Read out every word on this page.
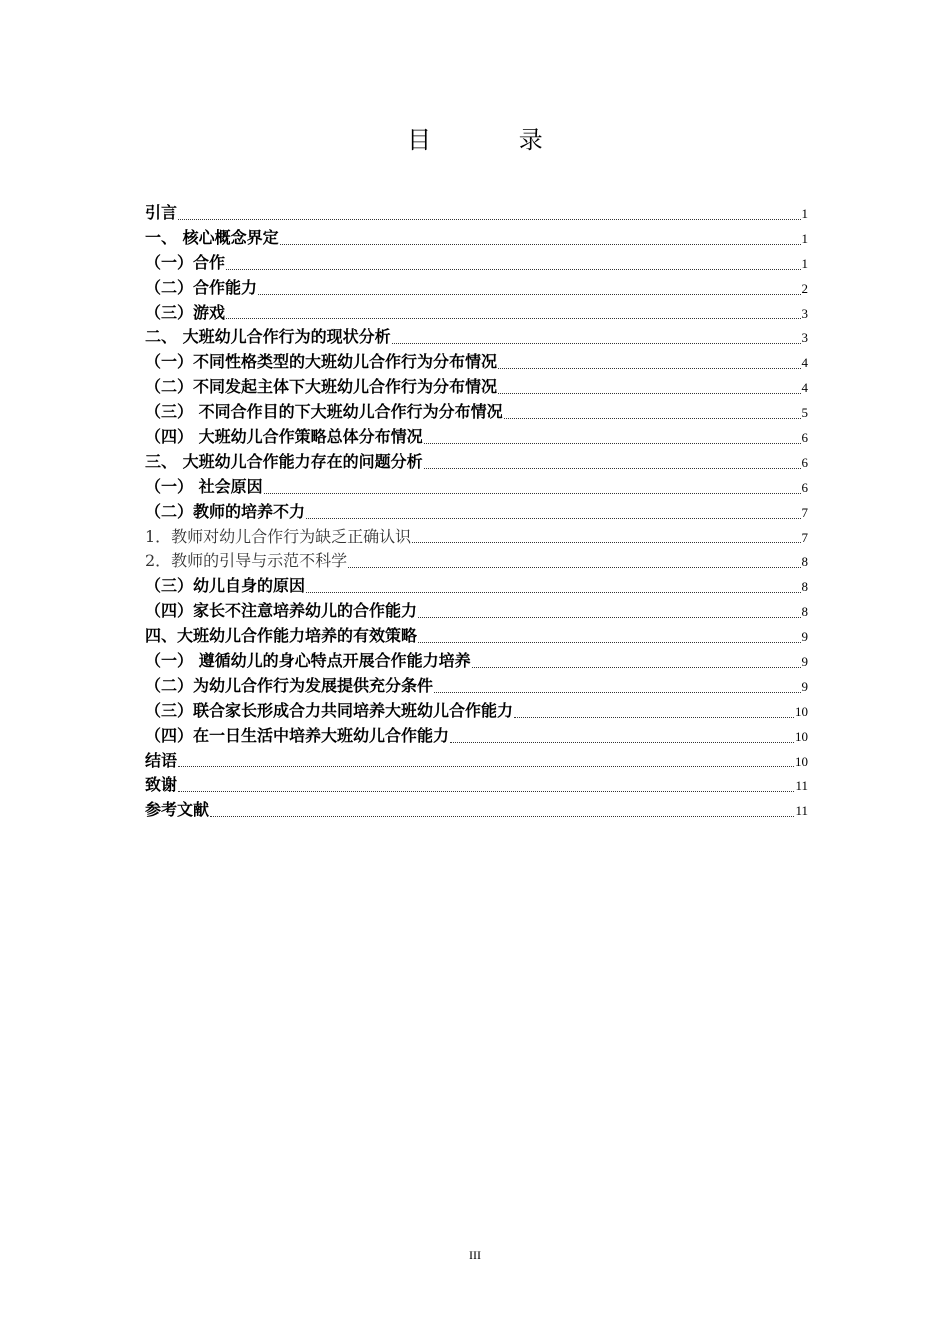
目 录
引言	1
一、 核心概念界定	1
（一）合作	1
（二）合作能力	2
（三）游戏	3
二、 大班幼儿合作行为的现状分析	3
（一）不同性格类型的大班幼儿合作行为分布情况	4
（二）不同发起主体下大班幼儿合作行为分布情况	4
（三） 不同合作目的下大班幼儿合作行为分布情况	5
（四） 大班幼儿合作策略总体分布情况	6
三、 大班幼儿合作能力存在的问题分析	6
（一） 社会原因	6
（二）教师的培养不力	7
1．教师对幼儿合作行为缺乏正确认识	7
2．教师的引导与示范不科学	8
（三）幼儿自身的原因	8
（四）家长不注意培养幼儿的合作能力	8
四、大班幼儿合作能力培养的有效策略	9
（一） 遵循幼儿的身心特点开展合作能力培养	9
（二）为幼儿合作行为发展提供充分条件	9
（三）联合家长形成合力共同培养大班幼儿合作能力	10
（四）在一日生活中培养大班幼儿合作能力	10
结语	10
致谢	11
参考文献	11
III
